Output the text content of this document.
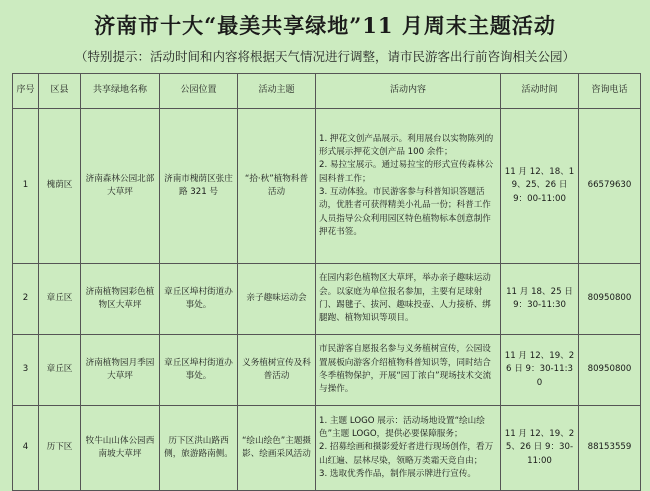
济南市十大“最美共享绿地”11 月周末主题活动
（特别提示：活动时间和内容将根据天气情况进行调整，请市民游客出行前咨询相关公园）
序号	区县	共享绿地名称	公园位置	活动主题	活动内容	活动时间	咨询电话
1	槐荫区	济南森林公园北部大草坪	济南市槐荫区张庄路 321 号	“拾·秋”植物科普活动	1. 押花文创产品展示。利用展台以实物陈列的形式展示押花文创产品 100 余件；
2. 易拉宝展示。通过易拉宝的形式宣传森林公园科普工作；
3. 互动体验。市民游客参与科普知识答题活动，优胜者可获得精美小礼品一份；科普工作人员指导公众利用园区特色植物标本创意制作押花书签。	11 月 12、18、19、25、26 日 9：00-11:00	66579630
2	章丘区	济南植物园彩色植物区大草坪	章丘区埠村街道办事处。	亲子趣味运动会	在园内彩色植物区大草坪，举办亲子趣味运动会。以家庭为单位报名参加，主要有足球射门、踢毽子、拔河、趣味投壶、人力接桥、绑腿跑、植物知识等项目。	11 月 18、25 日 9：30-11:30	80950800
3	章丘区	济南植物园月季园大草坪	章丘区埠村街道办事处。	义务植树宣传及科普活动	市民游客自愿报名参与义务植树宣传，公园设置展板向游客介绍植物科普知识等，同时结合冬季植物保护，开展“园丁浓白”现场技术交流与操作。	11 月 12、19、26 日 9：30-11:30	80950800
4	历下区	牧牛山山体公园西南坡大草坪	历下区洪山路西侧，旅游路南侧。	“绘山绘色”主题摄影、绘画采风活动	1. 主题 LOGO 展示：活动场地设置“绘山绘色”主题 LOGO，提供必要保障服务；
2. 招募绘画和摄影爱好者进行现场创作，看万山红遍、层林尽染，领略万类霜天竞自由；
3. 选取优秀作品，制作展示牌进行宣传。	11 月 12、19、25、26 日 9：30-11:00	88153559
